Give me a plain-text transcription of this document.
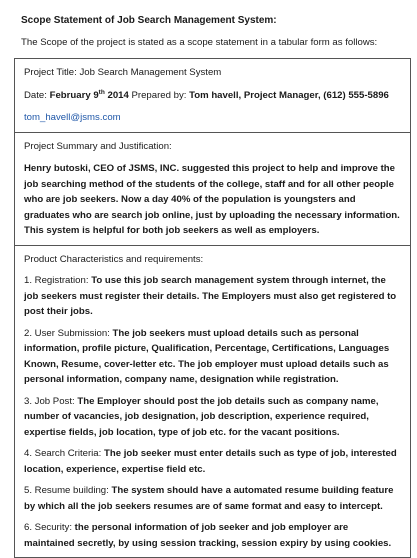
Scope Statement of Job Search Management System:
The Scope of the project is stated as a scope statement in a tabular form as follows:

Project Title: Job Search Management System

Date: February 9th 2014 Prepared by: Tom havell, Project Manager, (612) 555-5896

tom_havell@jsms.com

Project Summary and Justification:

Henry butoski, CEO of JSMS, INC. suggested this project to help and improve the job searching method of the students of the college, staff and for all other people who are job seekers. Now a day 40% of the population is youngsters and graduates who are search job online, just by uploading the necessary information. This system is helpful for both job seekers as well as employers.

Product Characteristics and requirements:

1. Registration: To use this job search management system through internet, the job seekers must register their details. The Employers must also get registered to post their jobs.

2. User Submission: The job seekers must upload details such as personal information, profile picture, Qualification, Percentage, Certifications, Languages Known, Resume, cover-letter etc. The job employer must upload details such as personal information, company name, designation while registration.

3. Job Post: The Employer should post the job details such as company name, number of vacancies, job designation, job description, experience required, expertise fields, job location, type of job etc. for the vacant positions.

4. Search Criteria: The job seeker must enter details such as type of job, interested location, experience, expertise field etc.

5. Resume building: The system should have a automated resume building feature by which all the job seekers resumes are of same format and easy to intercept.

6. Security: the personal information of job seeker and job employer are maintained secretly, by using session tracking, session expiry by using cookies.
